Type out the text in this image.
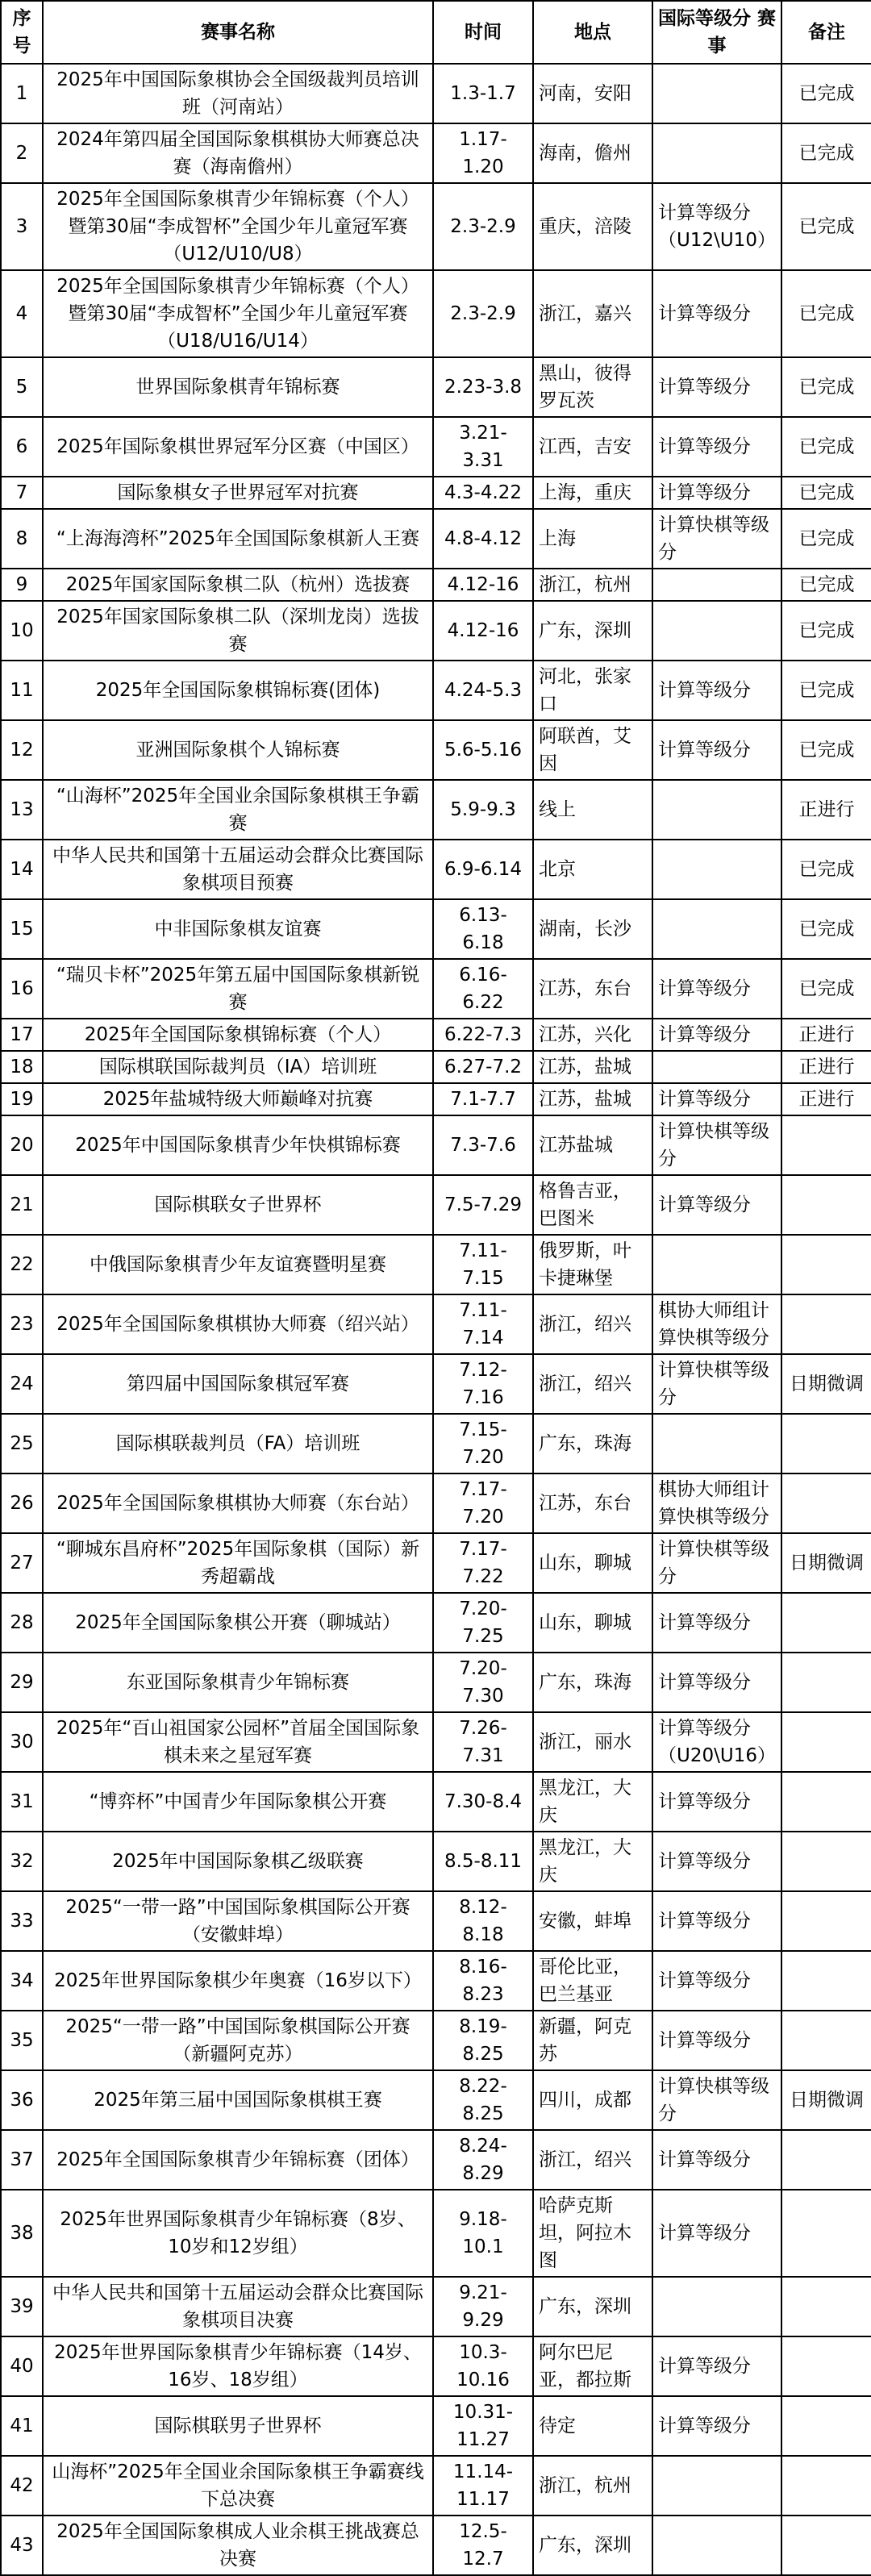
序号	赛事名称	时间	地点	国际等级分 赛事	备注
1	2025年中国国际象棋协会全国级裁判员培训班（河南站）	1.3-1.7	河南，安阳		已完成
2	2024年第四届全国国际象棋棋协大师赛总决赛（海南儋州）	1.17-1.20	海南，儋州		已完成
3	2025年全国国际象棋青少年锦标赛（个人）暨第30届“李成智杯”全国少年儿童冠军赛（U12/U10/U8）	2.3-2.9	重庆，涪陵	计算等级分（U12\U10）	已完成
4	2025年全国国际象棋青少年锦标赛（个人）暨第30届“李成智杯”全国少年儿童冠军赛（U18/U16/U14）	2.3-2.9	浙江，嘉兴	计算等级分	已完成
5	世界国际象棋青年锦标赛	2.23-3.8	黑山，彼得罗瓦茨	计算等级分	已完成
6	2025年国际象棋世界冠军分区赛（中国区）	3.21-3.31	江西，吉安	计算等级分	已完成
7	国际象棋女子世界冠军对抗赛	4.3-4.22	上海，重庆	计算等级分	已完成
8	“上海海湾杯”2025年全国国际象棋新人王赛	4.8-4.12	上海	计算快棋等级分	已完成
9	2025年国家国际象棋二队（杭州）选拔赛	4.12-16	浙江，杭州		已完成
10	2025年国家国际象棋二队（深圳龙岗）选拔赛	4.12-16	广东，深圳		已完成
11	2025年全国国际象棋锦标赛(团体)	4.24-5.3	河北，张家口	计算等级分	已完成
12	亚洲国际象棋个人锦标赛	5.6-5.16	阿联酋，艾因	计算等级分	已完成
13	“山海杯”2025年全国业余国际象棋棋王争霸赛	5.9-9.3	线上		正进行
14	中华人民共和国第十五届运动会群众比赛国际象棋项目预赛	6.9-6.14	北京		已完成
15	中非国际象棋友谊赛	6.13-6.18	湖南，长沙		已完成
16	“瑞贝卡杯”2025年第五届中国国际象棋新锐赛	6.16-6.22	江苏，东台	计算等级分	已完成
17	2025年全国国际象棋锦标赛（个人）	6.22-7.3	江苏，兴化	计算等级分	正进行
18	国际棋联国际裁判员（IA）培训班	6.27-7.2	江苏，盐城		正进行
19	2025年盐城特级大师巅峰对抗赛	7.1-7.7	江苏，盐城	计算等级分	正进行
20	2025年中国国际象棋青少年快棋锦标赛	7.3-7.6	江苏盐城	计算快棋等级分	
21	国际棋联女子世界杯	7.5-7.29	格鲁吉亚，巴图米	计算等级分	
22	中俄国际象棋青少年友谊赛暨明星赛	7.11-7.15	俄罗斯，叶卡捷琳堡		
23	2025年全国国际象棋棋协大师赛（绍兴站）	7.11-7.14	浙江，绍兴	棋协大师组计算快棋等级分	
24	第四届中国国际象棋冠军赛	7.12-7.16	浙江，绍兴	计算快棋等级分	日期微调
25	国际棋联裁判员（FA）培训班	7.15-7.20	广东，珠海		
26	2025年全国国际象棋棋协大师赛（东台站）	7.17-7.20	江苏，东台	棋协大师组计算快棋等级分	
27	“聊城东昌府杯”2025年国际象棋（国际）新秀超霸战	7.17-7.22	山东，聊城	计算快棋等级分	日期微调
28	2025年全国国际象棋公开赛（聊城站）	7.20-7.25	山东，聊城	计算等级分	
29	东亚国际象棋青少年锦标赛	7.20-7.30	广东，珠海	计算等级分	
30	2025年“百山祖国家公园杯”首届全国国际象棋未来之星冠军赛	7.26-7.31	浙江，丽水	计算等级分（U20\U16）	
31	“博弈杯”中国青少年国际象棋公开赛	7.30-8.4	黑龙江，大庆	计算等级分	
32	2025年中国国际象棋乙级联赛	8.5-8.11	黑龙江，大庆	计算等级分	
33	2025“一带一路”中国国际象棋国际公开赛（安徽蚌埠）	8.12-8.18	安徽，蚌埠	计算等级分	
34	2025年世界国际象棋少年奥赛（16岁以下）	8.16-8.23	哥伦比亚，巴兰基亚	计算等级分	
35	2025“一带一路”中国国际象棋国际公开赛（新疆阿克苏）	8.19-8.25	新疆，阿克苏	计算等级分	
36	2025年第三届中国国际象棋棋王赛	8.22-8.25	四川，成都	计算快棋等级分	日期微调
37	2025年全国国际象棋青少年锦标赛（团体）	8.24-8.29	浙江，绍兴	计算等级分	
38	2025年世界国际象棋青少年锦标赛（8岁、10岁和12岁组）	9.18-10.1	哈萨克斯坦，阿拉木图	计算等级分	
39	中华人民共和国第十五届运动会群众比赛国际象棋项目决赛	9.21-9.29	广东，深圳		
40	2025年世界国际象棋青少年锦标赛（14岁、16岁、18岁组）	10.3-10.16	阿尔巴尼亚，都拉斯	计算等级分	
41	国际棋联男子世界杯	10.31-11.27	待定	计算等级分	
42	山海杯”2025年全国业余国际象棋王争霸赛线下总决赛	11.14-11.17	浙江，杭州		
43	2025年全国国际象棋成人业余棋王挑战赛总决赛	12.5-12.7	广东，深圳		
